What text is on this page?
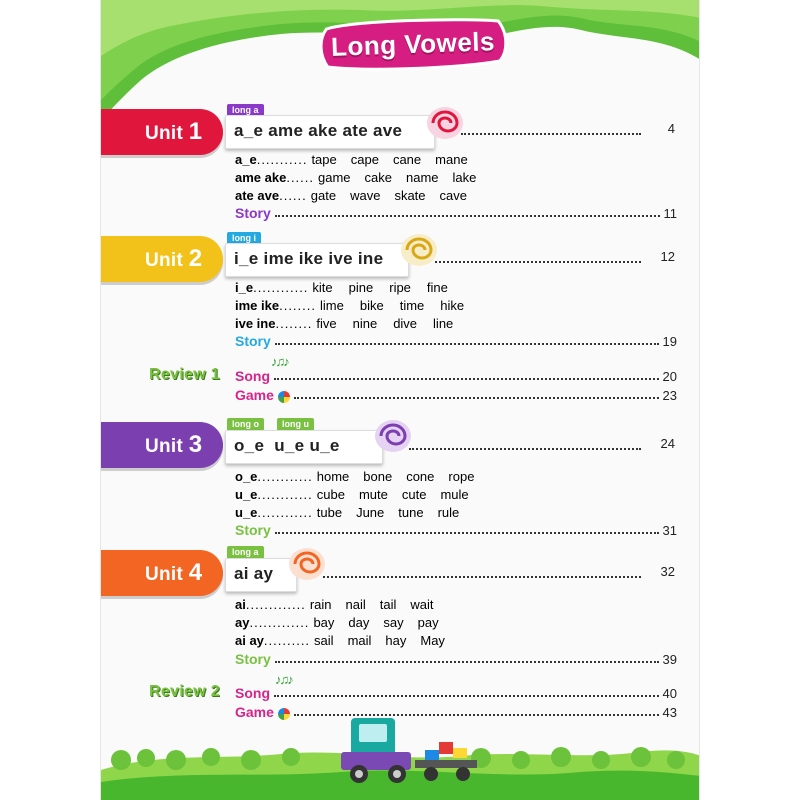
Long Vowels
Unit 1
long a
a_e ame ake ate ave	4
a_e ........... tape cape cane mane
ame ake ...... game cake name lake
ate ave ...... gate wave skate cave
Story	11
Unit 2
long i
i_e ime ike ive ine	12
i_e ............ kite pine ripe fine
ime ike ........ lime bike time hike
ive ine ........ five nine dive line
Story	19
Review 1
♪♫♪
Song	20
Game	23
Unit 3
long o	long u
o_e  u_e u_e	24
o_e ............ home bone cone rope
u_e ............ cube mute cute mule
u_e ............ tube June tune rule
Story	31
Unit 4
long a
ai ay	32
ai ............. rain nail tail wait
ay ............. bay day say pay
ai ay .......... sail mail hay May
Story	39
Review 2
♪♫♪
Song	40
Game	43
